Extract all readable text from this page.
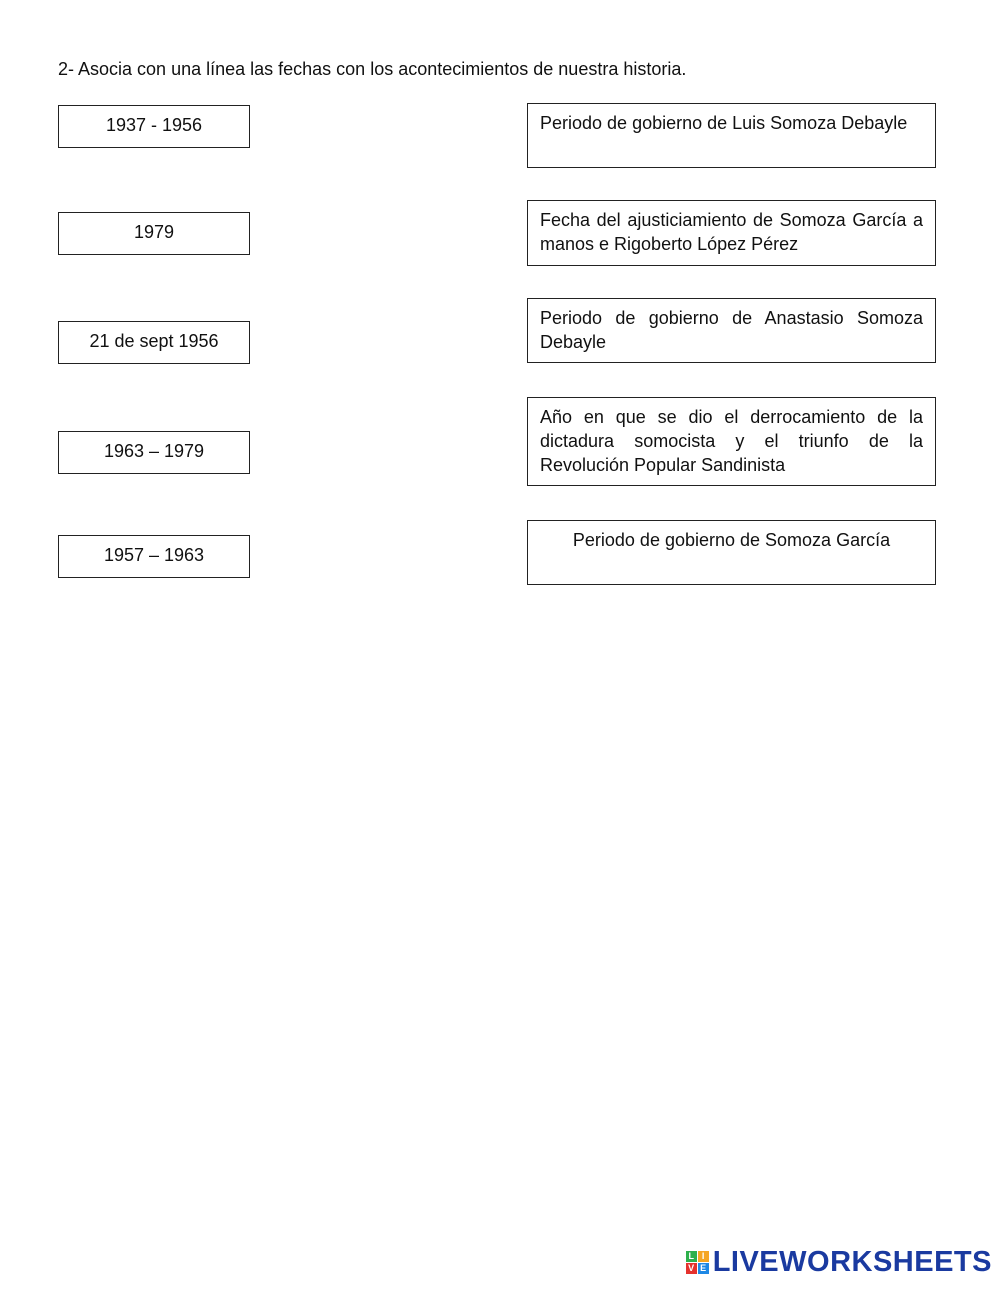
2- Asocia con una línea las fechas con los acontecimientos de nuestra historia.
1937 - 1956
1979
21 de sept 1956
1963 – 1979
1957 – 1963
Periodo de gobierno de Luis Somoza Debayle
Fecha del ajusticiamiento de Somoza García a manos e Rigoberto López Pérez
Periodo de gobierno de Anastasio Somoza Debayle
Año en que se dio el derrocamiento de la dictadura somocista y el triunfo de la Revolución Popular Sandinista
Periodo de gobierno de Somoza García
L I
V E LIVEWORKSHEETS
